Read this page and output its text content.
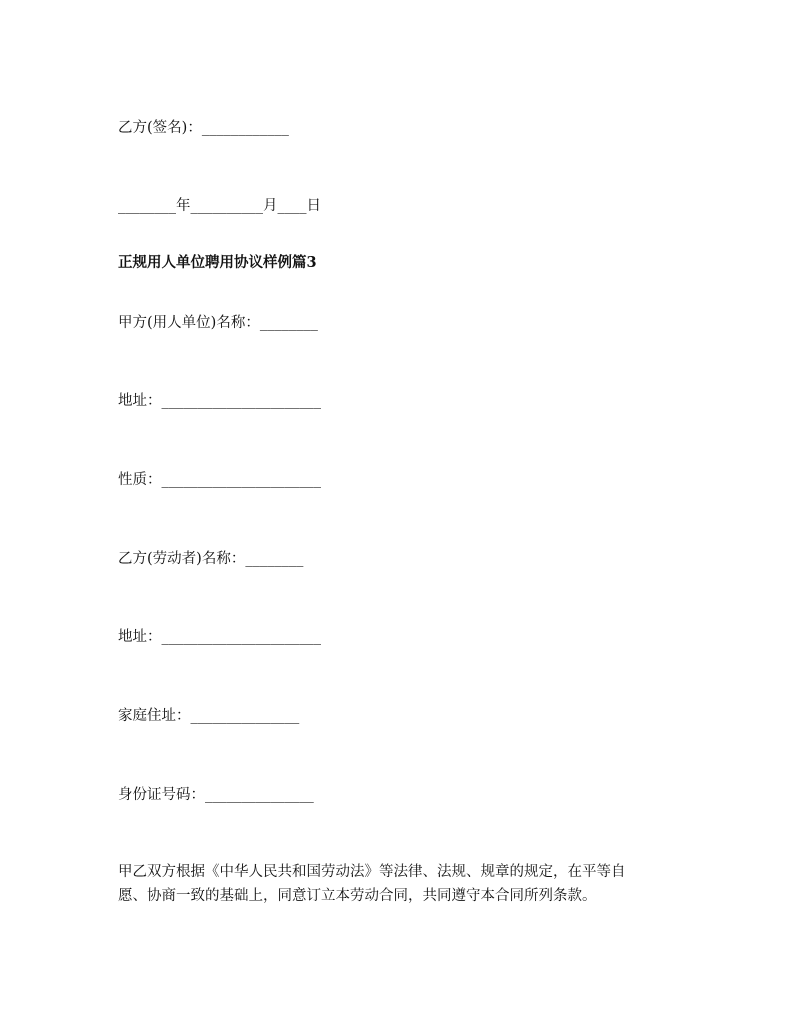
乙方(签名)：____________
________年__________月____日
正规用人单位聘用协议样例篇3
甲方(用人单位)名称：________
地址：______________________
性质：______________________
乙方(劳动者)名称：________
地址：______________________
家庭住址：_______________
身份证号码：_______________
甲乙双方根据《中华人民共和国劳动法》等法律、法规、规章的规定，在平等自
愿、协商一致的基础上，同意订立本劳动合同，共同遵守本合同所列条款。
